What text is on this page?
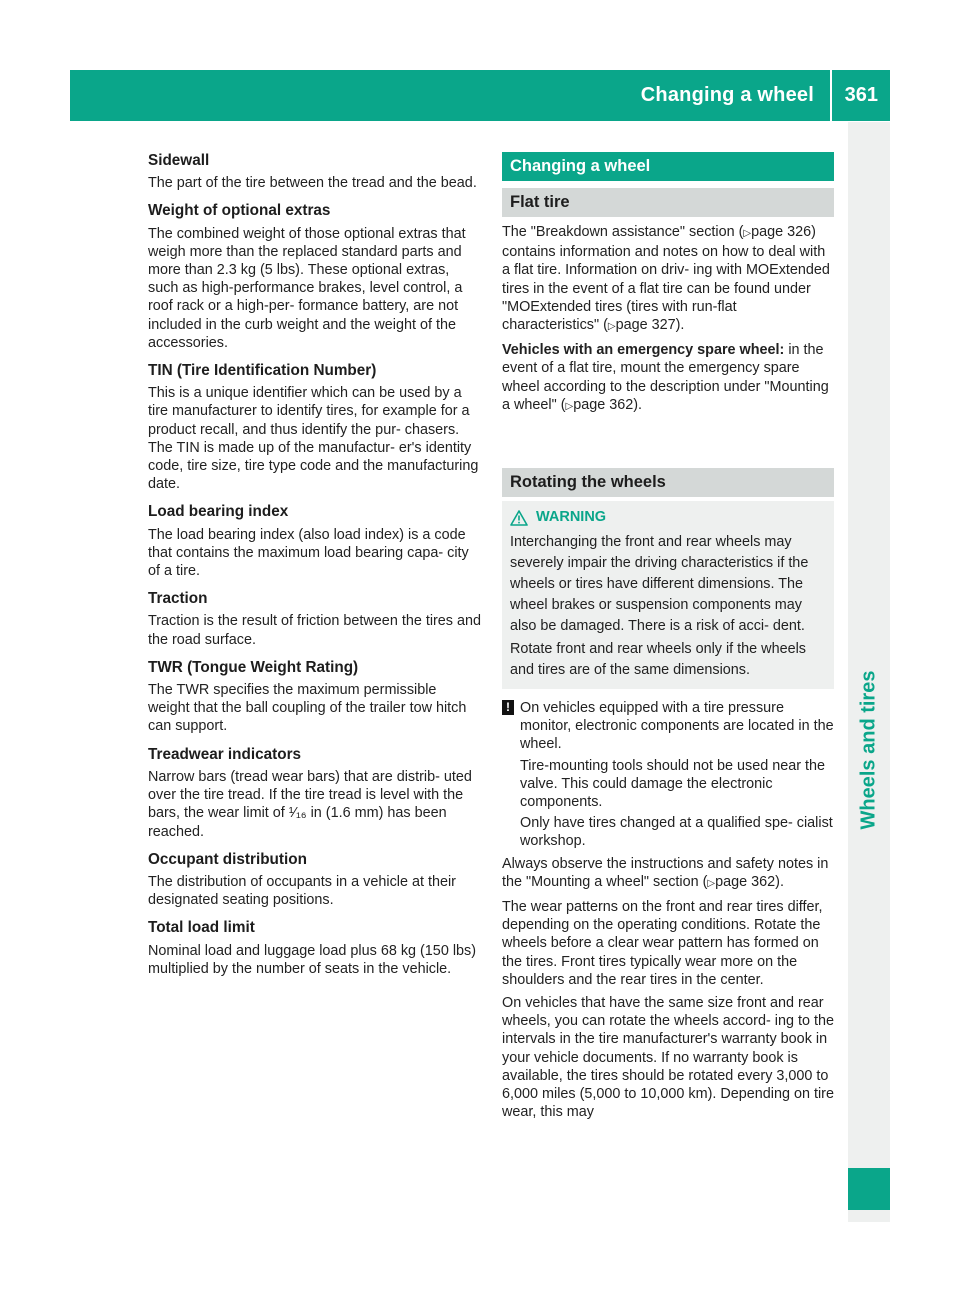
Changing a wheel 361
Wheels and tires
Sidewall

The part of the tire between the tread and the bead.

Weight of optional extras

The combined weight of those optional extras that weigh more than the replaced standard parts and more than 2.3 kg (5 lbs). These optional extras, such as high-performance brakes, level control, a roof rack or a high-per- formance battery, are not included in the curb weight and the weight of the accessories.

TIN (Tire Identification Number)

This is a unique identifier which can be used by a tire manufacturer to identify tires, for example for a product recall, and thus identify the pur- chasers. The TIN is made up of the manufactur- er's identity code, tire size, tire type code and the manufacturing date.

Load bearing index

The load bearing index (also load index) is a code that contains the maximum load bearing capa- city of a tire.

Traction

Traction is the result of friction between the tires and the road surface.

TWR (Tongue Weight Rating)

The TWR specifies the maximum permissible weight that the ball coupling of the trailer tow hitch can support.

Treadwear indicators

Narrow bars (tread wear bars) that are distrib- uted over the tire tread. If the tire tread is level with the bars, the wear limit of ¹⁄₁₆ in (1.6 mm) has been reached.

Occupant distribution

The distribution of occupants in a vehicle at their designated seating positions.

Total load limit

Nominal load and luggage load plus 68 kg (150 lbs) multiplied by the number of seats in the vehicle.

Changing a wheel
Flat tire

The "Breakdown assistance" section (▷page 326) contains information and notes on how to deal with a flat tire. Information on driv- ing with MOExtended tires in the event of a flat tire can be found under "MOExtended tires (tires with run-flat characteristics" (▷page 327).

Vehicles with an emergency spare wheel: in the event of a flat tire, mount the emergency spare wheel according to the description under "Mounting a wheel" (▷page 362).

Rotating the wheels
WARNING

Interchanging the front and rear wheels may severely impair the driving characteristics if the wheels or tires have different dimensions. The wheel brakes or suspension components may also be damaged. There is a risk of acci- dent.

Rotate front and rear wheels only if the wheels and tires are of the same dimensions.

! On vehicles equipped with a tire pressure monitor, electronic components are located in the wheel.

Tire-mounting tools should not be used near the valve. This could damage the electronic components.

Only have tires changed at a qualified spe- cialist workshop.

Always observe the instructions and safety notes in the "Mounting a wheel" section (▷page 362).

The wear patterns on the front and rear tires differ, depending on the operating conditions. Rotate the wheels before a clear wear pattern has formed on the tires. Front tires typically wear more on the shoulders and the rear tires in the center.

On vehicles that have the same size front and rear wheels, you can rotate the wheels accord- ing to the intervals in the tire manufacturer's warranty book in your vehicle documents. If no warranty book is available, the tires should be rotated every 3,000 to 6,000 miles (5,000 to 10,000 km). Depending on tire wear, this may
